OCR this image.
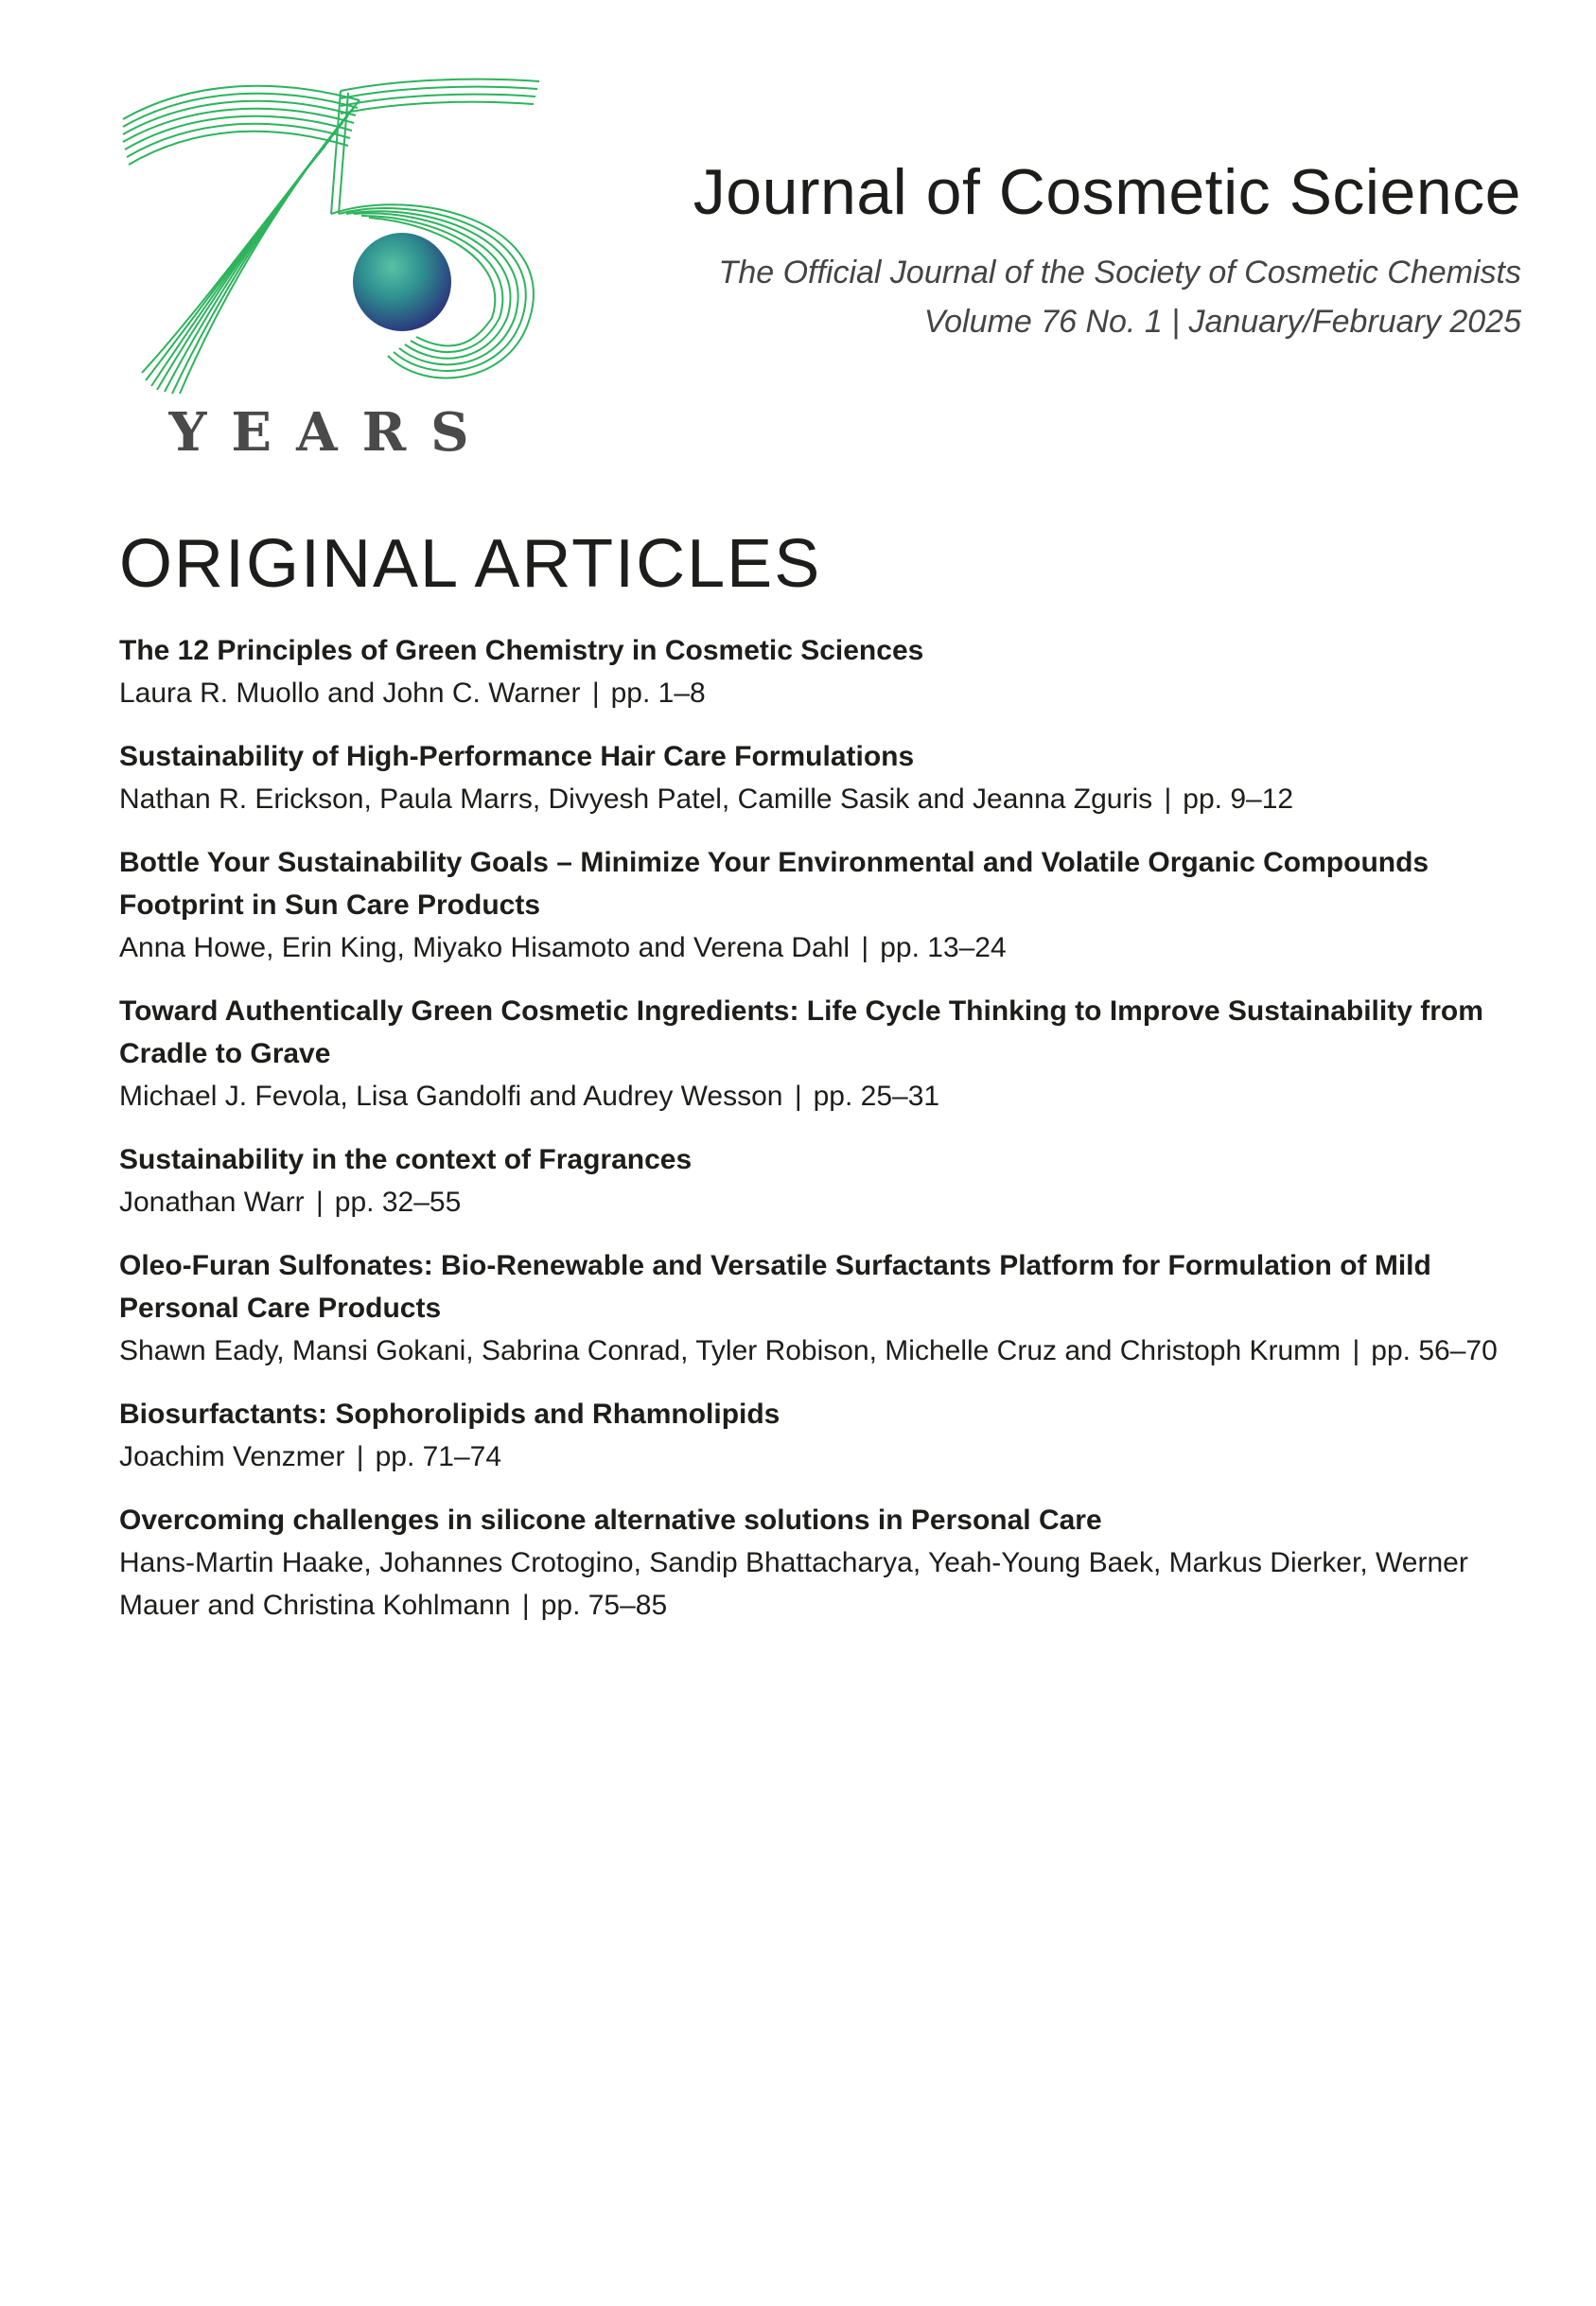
YEARS
Journal of Cosmetic Science
The Official Journal of the Society of Cosmetic Chemists
Volume 76 No. 1 | January/February 2025
ORIGINAL ARTICLES
The 12 Principles of Green Chemistry in Cosmetic Sciences
Laura R. Muollo and John C. Warner | pp. 1–8
Sustainability of High-Performance Hair Care Formulations
Nathan R. Erickson, Paula Marrs, Divyesh Patel, Camille Sasik and Jeanna Zguris | pp. 9–12
Bottle Your Sustainability Goals – Minimize Your Environmental and Volatile Organic Compounds Footprint in Sun Care Products
Anna Howe, Erin King, Miyako Hisamoto and Verena Dahl | pp. 13–24
Toward Authentically Green Cosmetic Ingredients: Life Cycle Thinking to Improve Sustainability from Cradle to Grave
Michael J. Fevola, Lisa Gandolfi and Audrey Wesson | pp. 25–31
Sustainability in the context of Fragrances
Jonathan Warr | pp. 32–55
Oleo-Furan Sulfonates: Bio-Renewable and Versatile Surfactants Platform for Formulation of Mild Personal Care Products
Shawn Eady, Mansi Gokani, Sabrina Conrad, Tyler Robison, Michelle Cruz and Christoph Krumm | pp. 56–70
Biosurfactants: Sophorolipids and Rhamnolipids
Joachim Venzmer | pp. 71–74
Overcoming challenges in silicone alternative solutions in Personal Care
Hans-Martin Haake, Johannes Crotogino, Sandip Bhattacharya, Yeah-Young Baek, Markus Dierker, Werner Mauer and Christina Kohlmann | pp. 75–85
